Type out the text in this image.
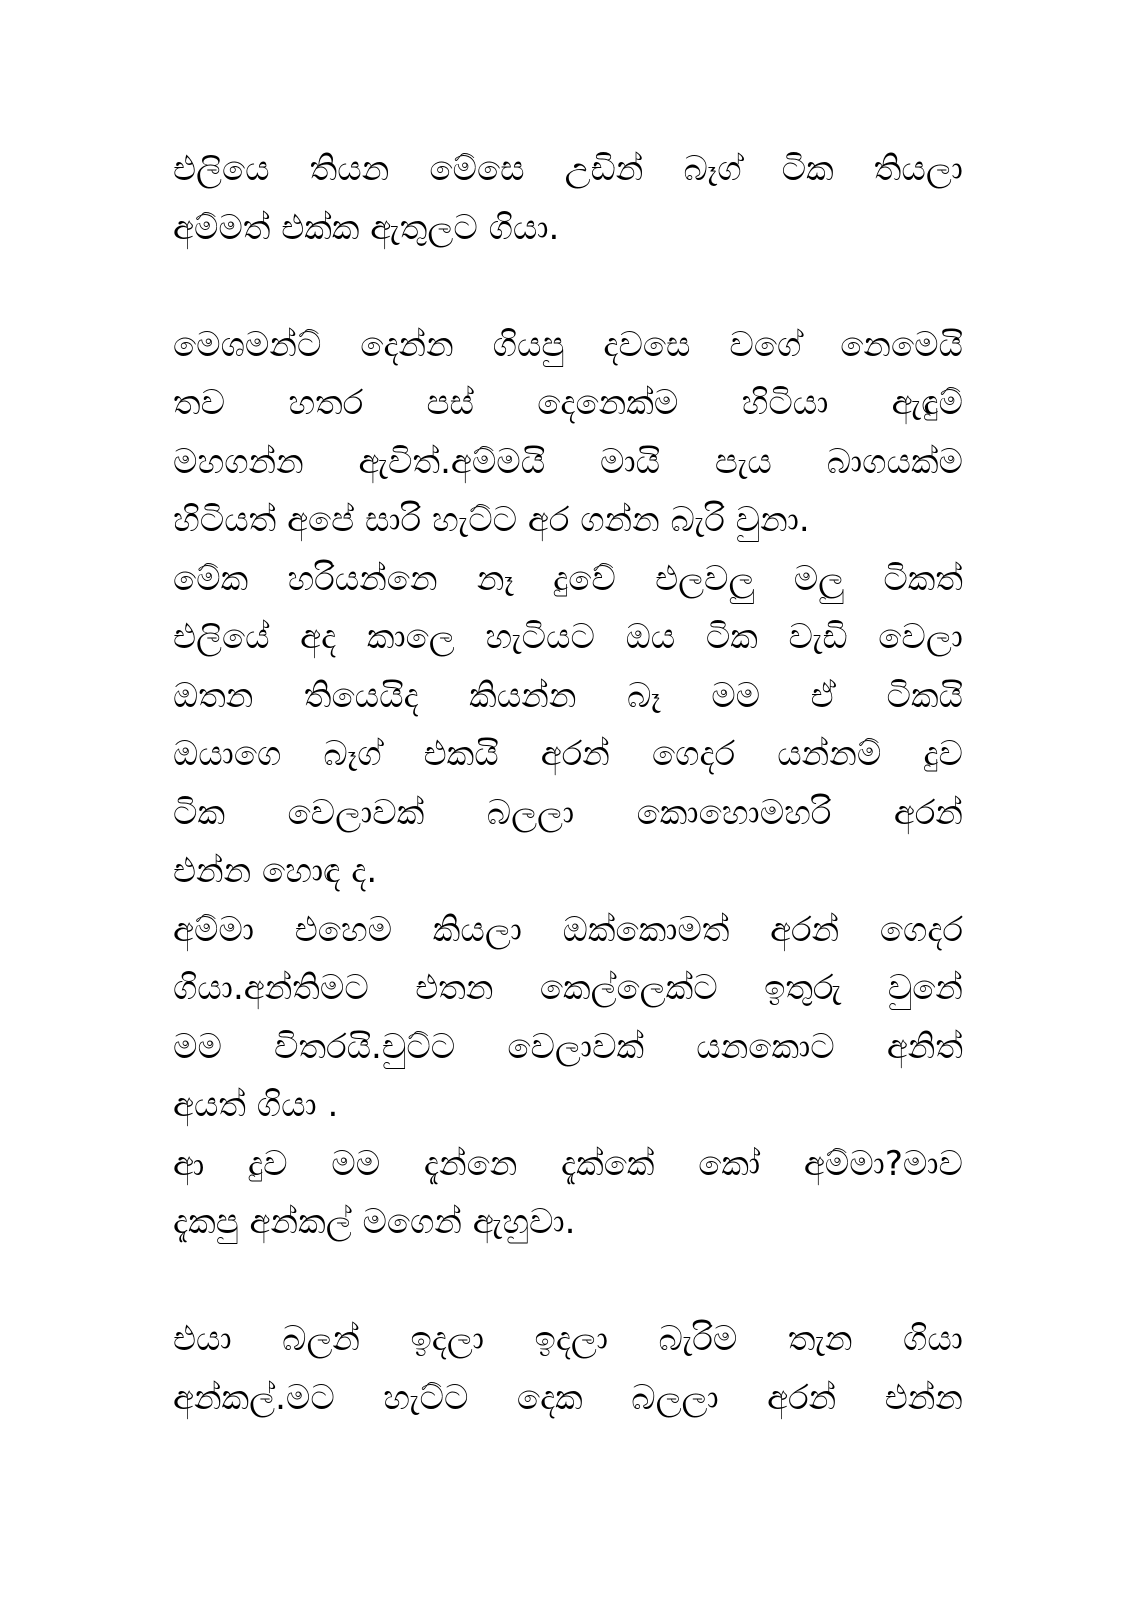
එලියෙ තියන මේසෙ උඩින් බෑග් ටික තියලා
අම්මත් එක්ක ඇතුලට ගියා.
මෙශමන්ට් දෙන්න ගියපු දවසෙ වගේ නෙමෙයි
තව හතර පස් දෙනෙක්ම හිටියා ඇඳුම්
මහගන්න ඇවිත්.අම්මයි මායි පැය බාගයක්ම
හිටියත් අපේ සාරි හැට්ට අර ගන්න බැරි වුනා.
මේක හරියන්නෙ නෑ දුවේ එලවලු මලු ටිකත්
එලියේ අද කාලෙ හැටියට ඔය ටික වැඩි වෙලා
ඔතන තියෙයිද කියන්න බෑ මම ඒ ටිකයි
ඔයාගෙ බෑග් එකයි අරන් ගෙදර යන්නම් දුව
ටික වෙලාවක් බලලා කොහොමහරි අරන්
එන්න හොඳ ද.
අම්මා එහෙම කියලා ඔක්කොමත් අරන් ගෙදර
ගියා.අන්තිමට එතන කෙල්ලෙක්ට ඉතුරු වුනේ
මම විතරයි.චුට්ට වෙලාවක් යනකොට අනිත්
අයත් ගියා .
ආ දුව මම දැන්නෙ දැක්කේ කෝ අම්මා?මාව
දැකපු අන්කල් මගෙන් ඇහුවා.
එයා බලන් ඉදලා ඉදලා බැරිම තැන ගියා
අන්කල්.මට හැට්ට දෙක බලලා අරන් එන්න
